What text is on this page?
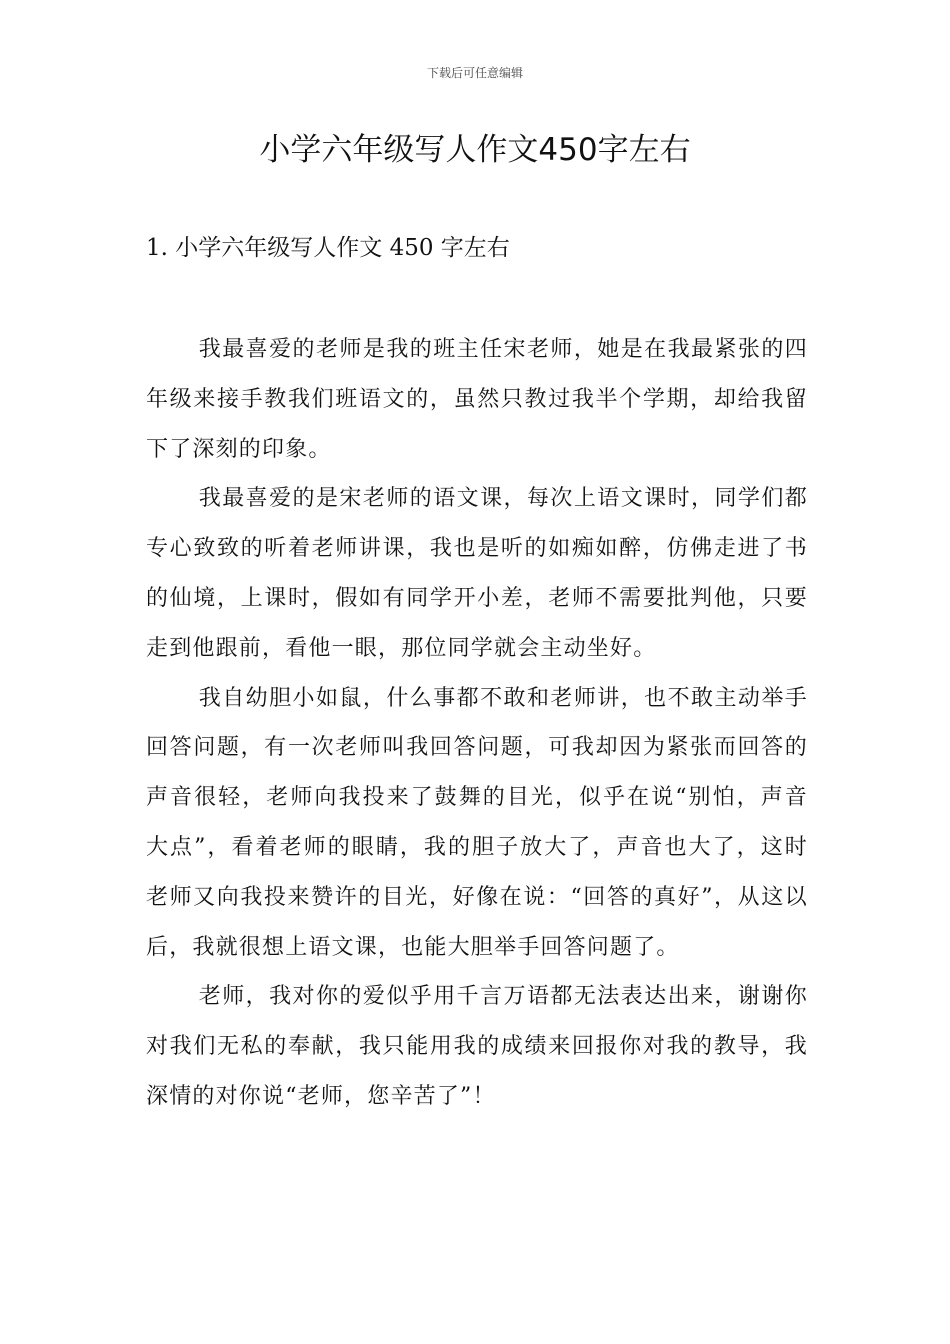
下载后可任意编辑
小学六年级写人作文450字左右
1. 小学六年级写人作文 450 字左右

我最喜爱的老师是我的班主任宋老师，她是在我最紧张的四年级来接手教我们班语文的，虽然只教过我半个学期，却给我留下了深刻的印象。

我最喜爱的是宋老师的语文课，每次上语文课时，同学们都专心致致的听着老师讲课，我也是听的如痴如醉，仿佛走进了书的仙境，上课时，假如有同学开小差，老师不需要批判他，只要走到他跟前，看他一眼，那位同学就会主动坐好。

我自幼胆小如鼠，什么事都不敢和老师讲，也不敢主动举手回答问题，有一次老师叫我回答问题，可我却因为紧张而回答的声音很轻，老师向我投来了鼓舞的目光，似乎在说“别怕，声音大点”，看着老师的眼睛，我的胆子放大了，声音也大了，这时老师又向我投来赞许的目光，好像在说：“回答的真好”，从这以后，我就很想上语文课，也能大胆举手回答问题了。

老师，我对你的爱似乎用千言万语都无法表达出来，谢谢你对我们无私的奉献，我只能用我的成绩来回报你对我的教导，我深情的对你说“老师，您辛苦了”！
